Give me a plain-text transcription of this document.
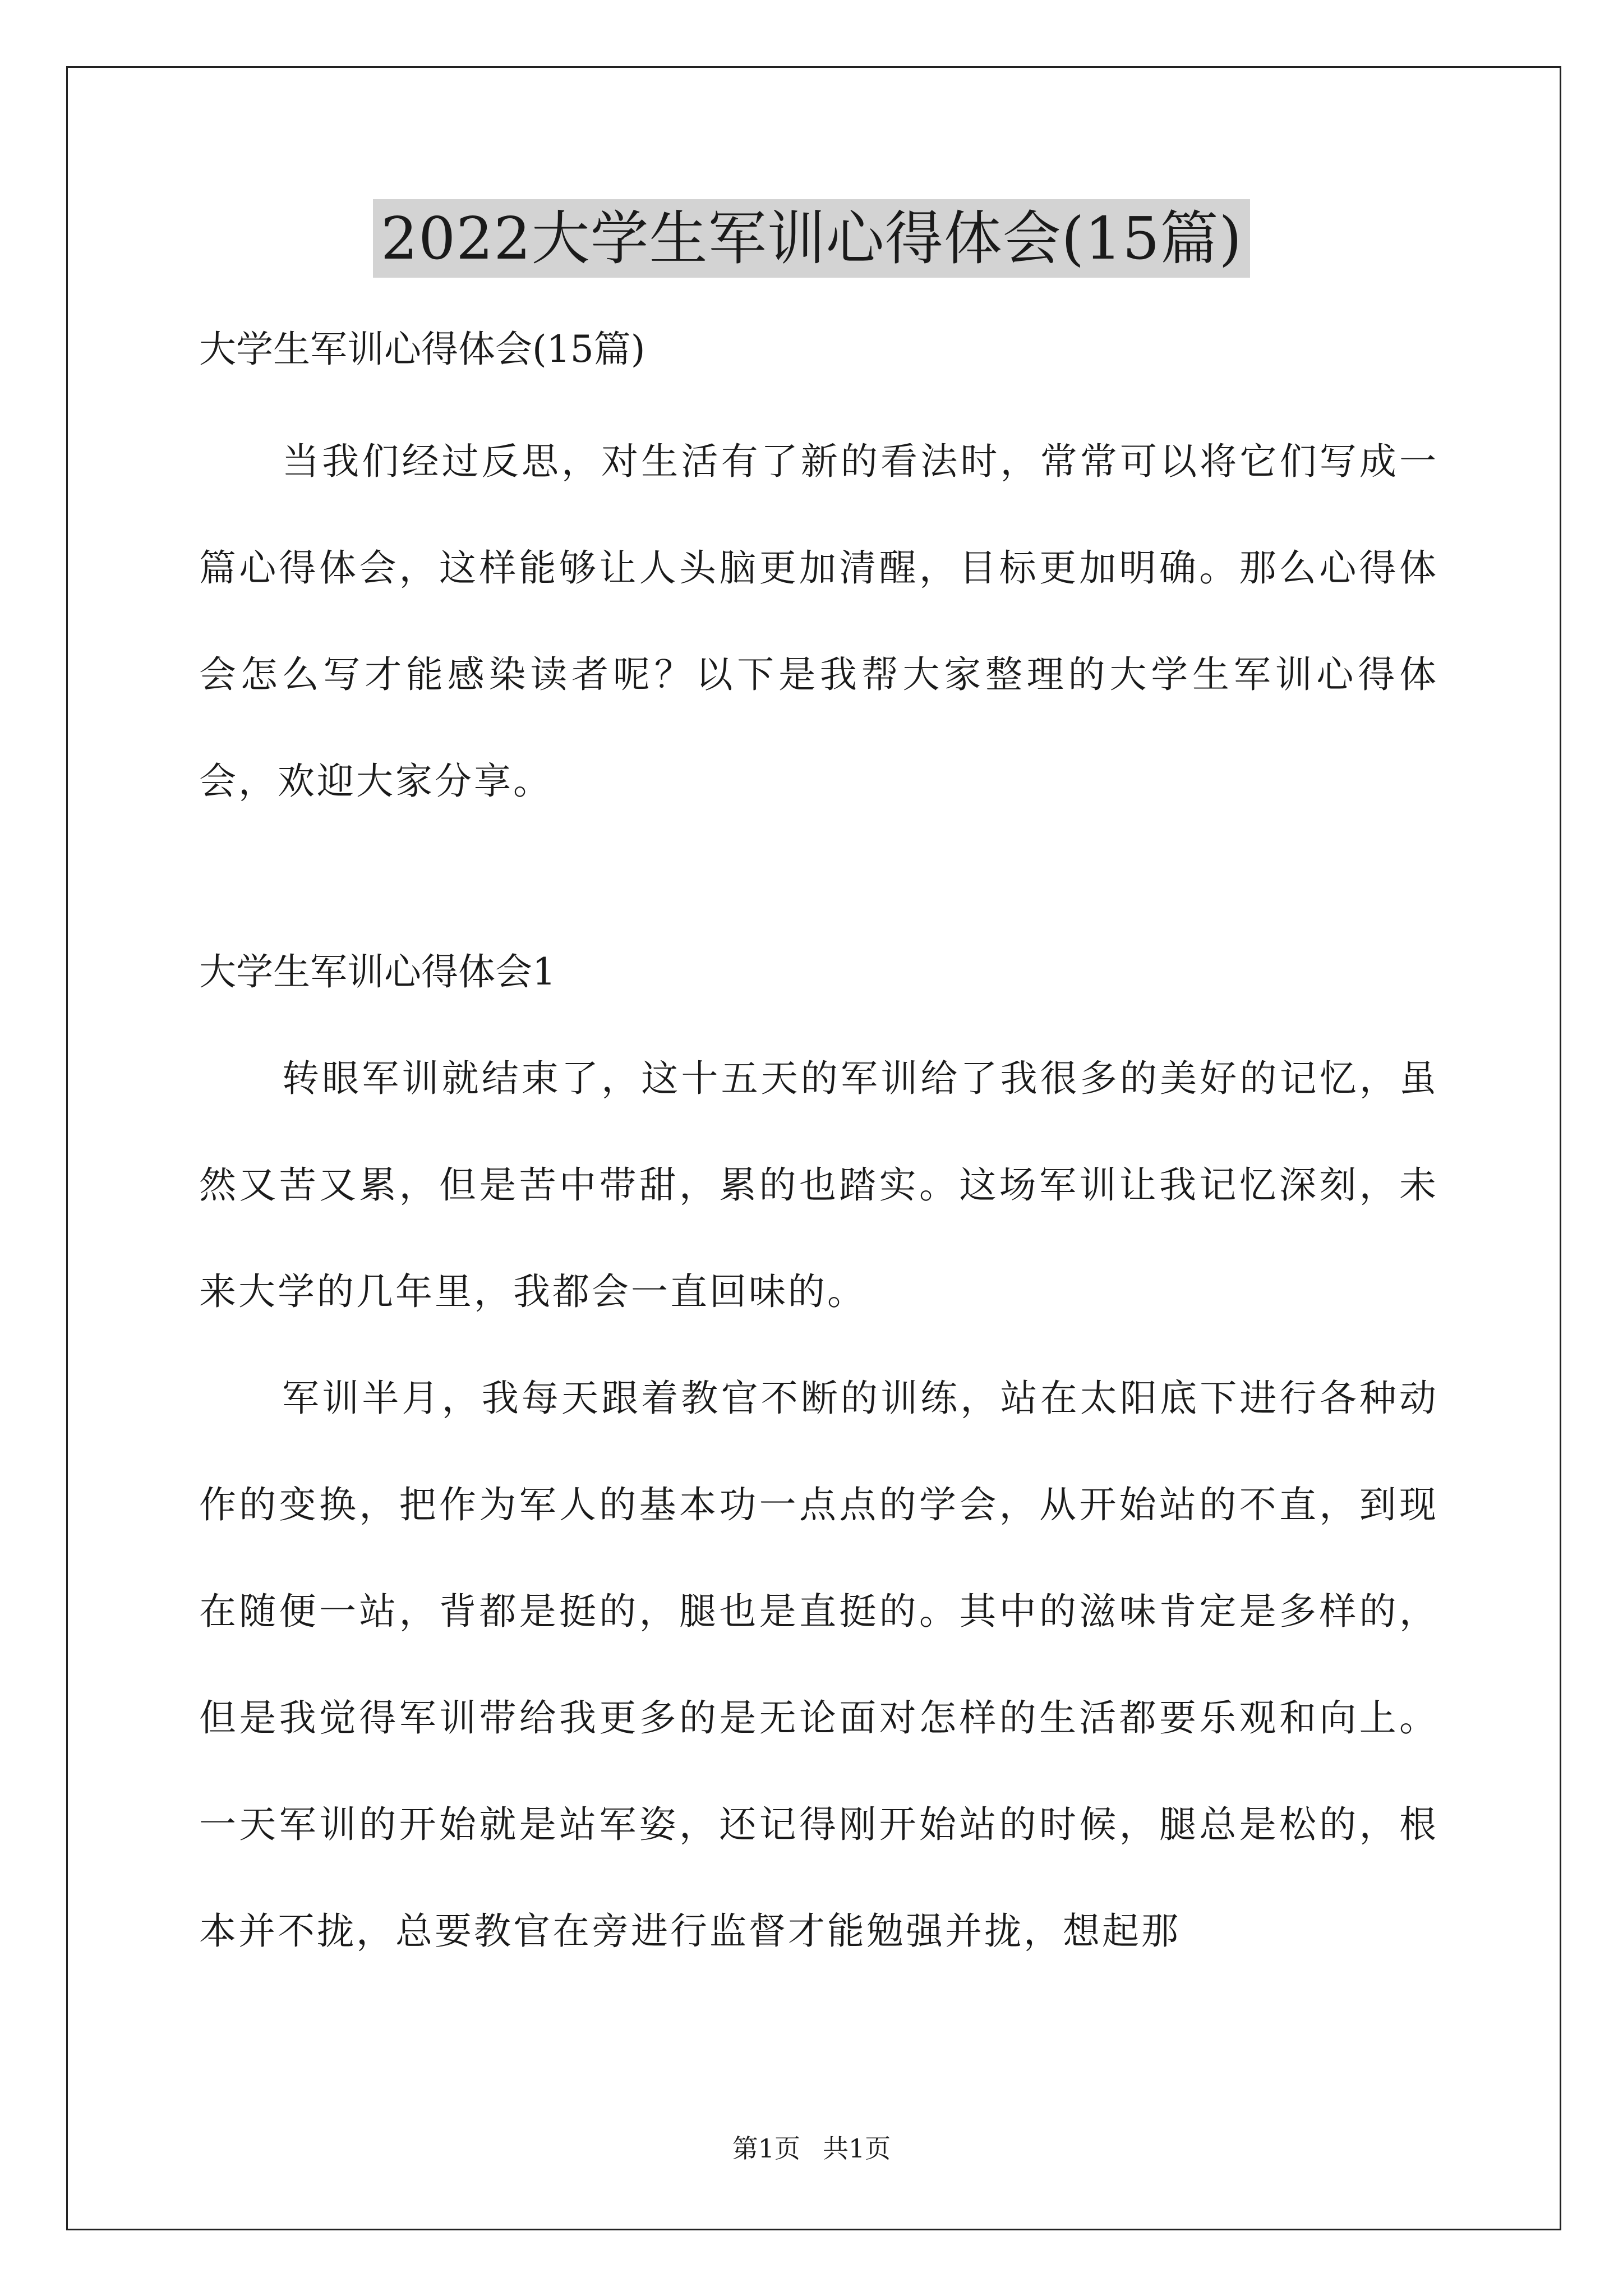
2022大学生军训心得体会(15篇)

大学生军训心得体会(15篇)

当我们经过反思，对生活有了新的看法时，常常可以将它们写成一篇心得体会，这样能够让人头脑更加清醒，目标更加明确。那么心得体会怎么写才能感染读者呢？以下是我帮大家整理的大学生军训心得体会，欢迎大家分享。

大学生军训心得体会1

转眼军训就结束了，这十五天的军训给了我很多的美好的记忆，虽然又苦又累，但是苦中带甜，累的也踏实。这场军训让我记忆深刻，未来大学的几年里，我都会一直回味的。

军训半月，我每天跟着教官不断的训练，站在太阳底下进行各种动作的变换，把作为军人的基本功一点点的学会，从开始站的不直，到现在随便一站，背都是挺的，腿也是直挺的。其中的滋味肯定是多样的，但是我觉得军训带给我更多的是无论面对怎样的生活都要乐观和向上。一天军训的开始就是站军姿，还记得刚开始站的时候，腿总是松的，根本并不拢，总要教官在旁进行监督才能勉强并拢，想起那

第1页 共1页
